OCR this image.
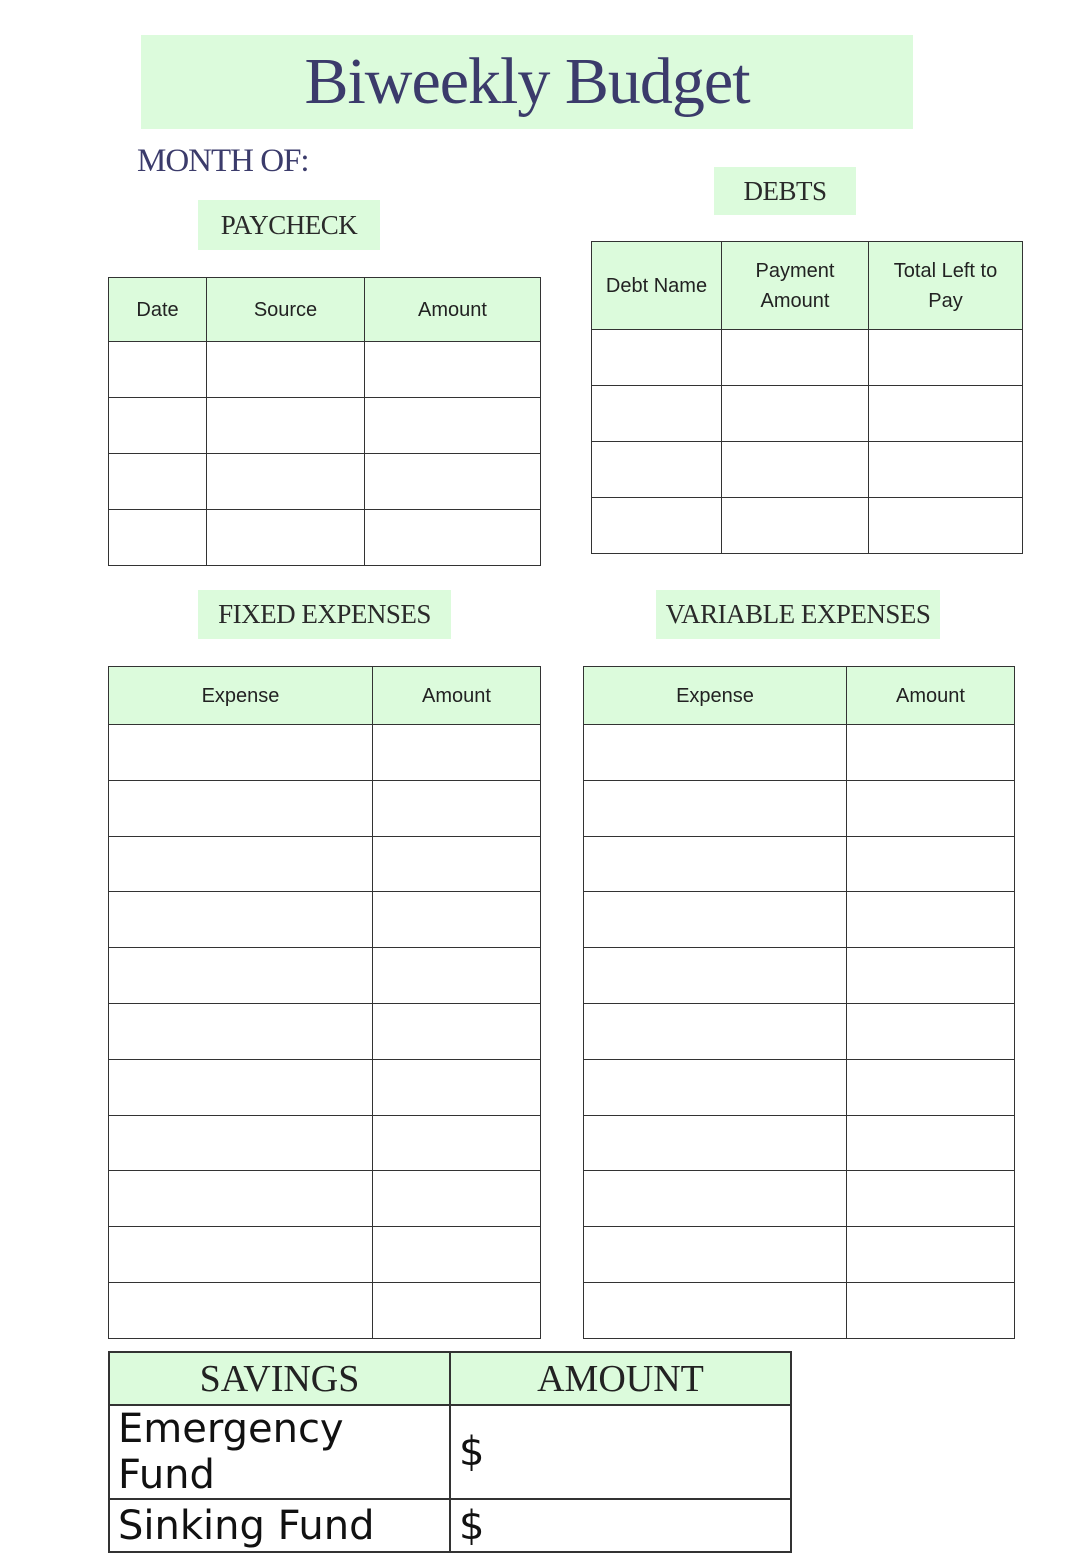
Biweekly Budget
MONTH OF:
PAYCHECK
DEBTS
FIXED EXPENSES	VARIABLE EXPENSES
Date	Source	Amount

Debt Name	Payment Amount	Total Left to Pay

Expense	Amount

		Expense	Amount

SAVINGS	AMOUNT
Emergency Fund	$
Sinking Fund	$
